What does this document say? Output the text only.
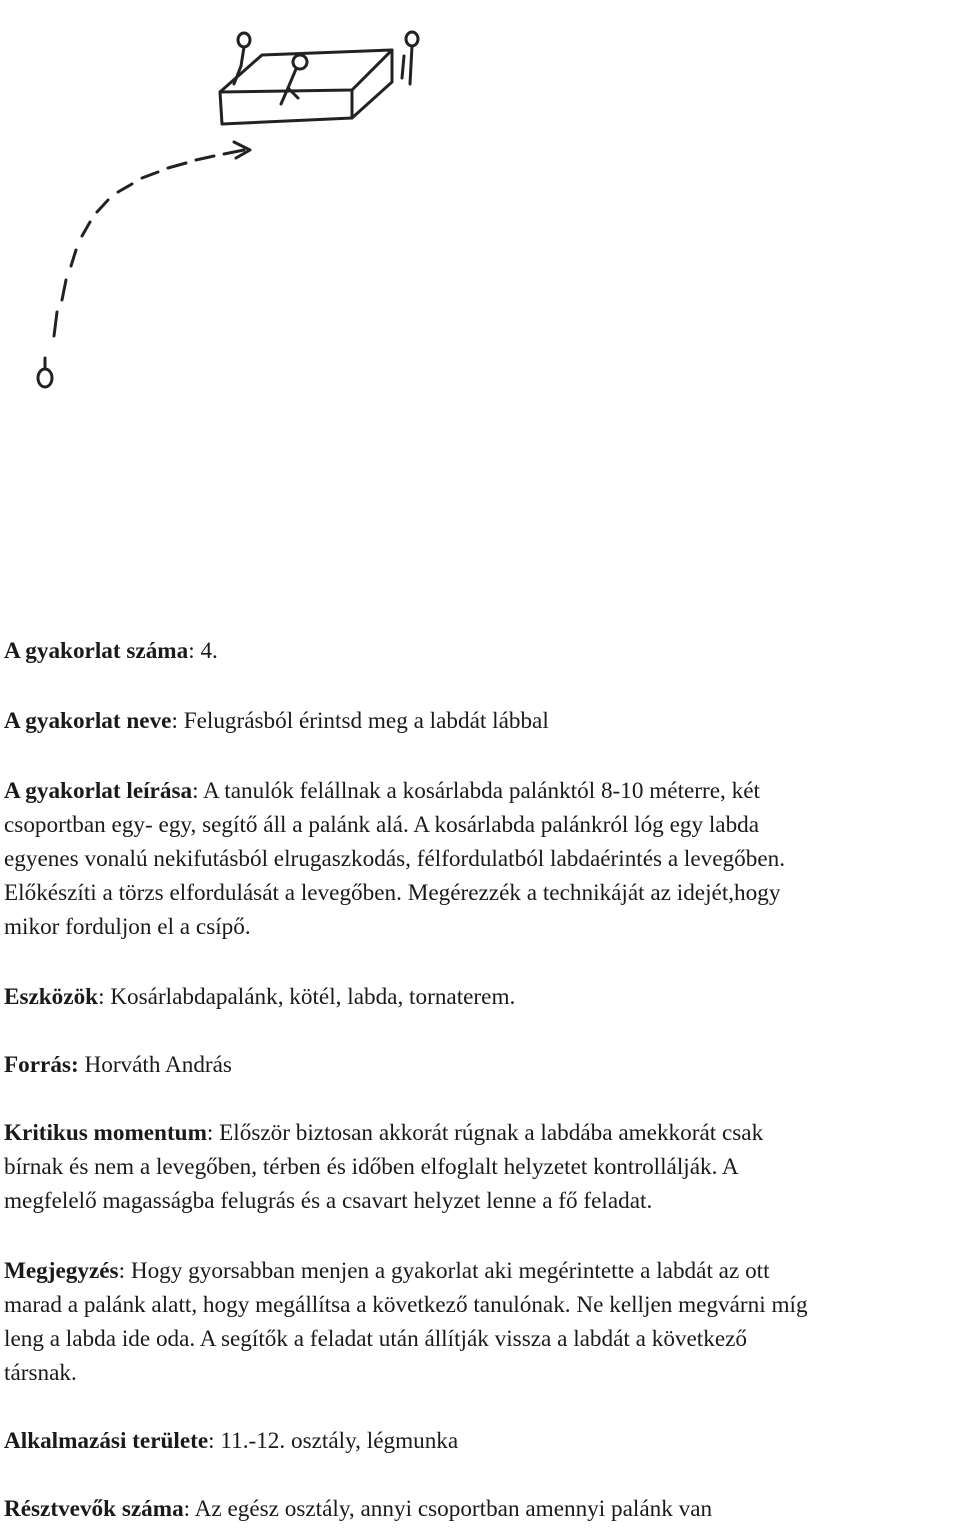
A gyakorlat száma: 4.

A gyakorlat neve: Felugrásból érintsd meg a labdát lábbal

A gyakorlat leírása: A tanulók felállnak a kosárlabda palánktól 8-10 méterre, két
csoportban egy- egy, segítő áll a palánk alá. A kosárlabda palánkról lóg egy labda
egyenes vonalú nekifutásból elrugaszkodás, félfordulatból labdaérintés a levegőben.
Előkészíti a törzs elfordulását a levegőben. Megérezzék a technikáját az idejét,hogy
mikor forduljon el a csípő.

Eszközök: Kosárlabdapalánk, kötél, labda, tornaterem.

Forrás: Horváth András

Kritikus momentum: Először biztosan akkorát rúgnak a labdába amekkorát csak
bírnak és nem a levegőben, térben és időben elfoglalt helyzetet kontrollálják. A
megfelelő magasságba felugrás és a csavart helyzet lenne a fő feladat.

Megjegyzés: Hogy gyorsabban menjen a gyakorlat aki megérintette a labdát az ott
marad a palánk alatt, hogy megállítsa a következő tanulónak. Ne kelljen megvárni míg
leng a labda ide oda. A segítők a feladat után állítják vissza a labdát a következő
társnak.

Alkalmazási területe: 11.-12. osztály, légmunka

Résztvevők száma: Az egész osztály, annyi csoportban amennyi palánk van
